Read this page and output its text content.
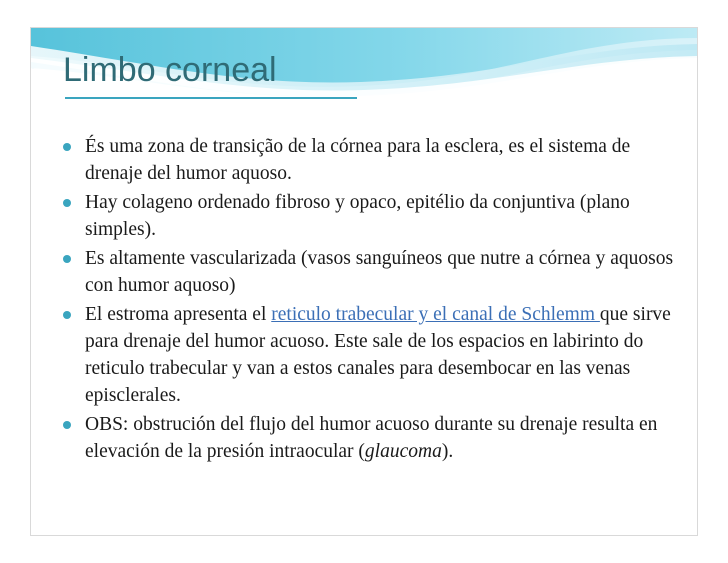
Limbo corneal
És uma zona de transição de la córnea para la esclera, es el sistema de drenaje del humor aquoso.
Hay colageno ordenado fibroso y opaco, epitélio da conjuntiva (plano simples).
Es altamente vascularizada (vasos sanguíneos que nutre a córnea y aquosos con humor aquoso)
El estroma apresenta el reticulo trabecular y el canal de Schlemm que sirve para drenaje del humor acuoso. Este sale de los espacios en labirinto do reticulo trabecular y van a estos canales para desembocar en las venas episclerales.
OBS: obstrución del flujo del humor acuoso durante su drenaje resulta en elevación de la presión intraocular (glaucoma).
